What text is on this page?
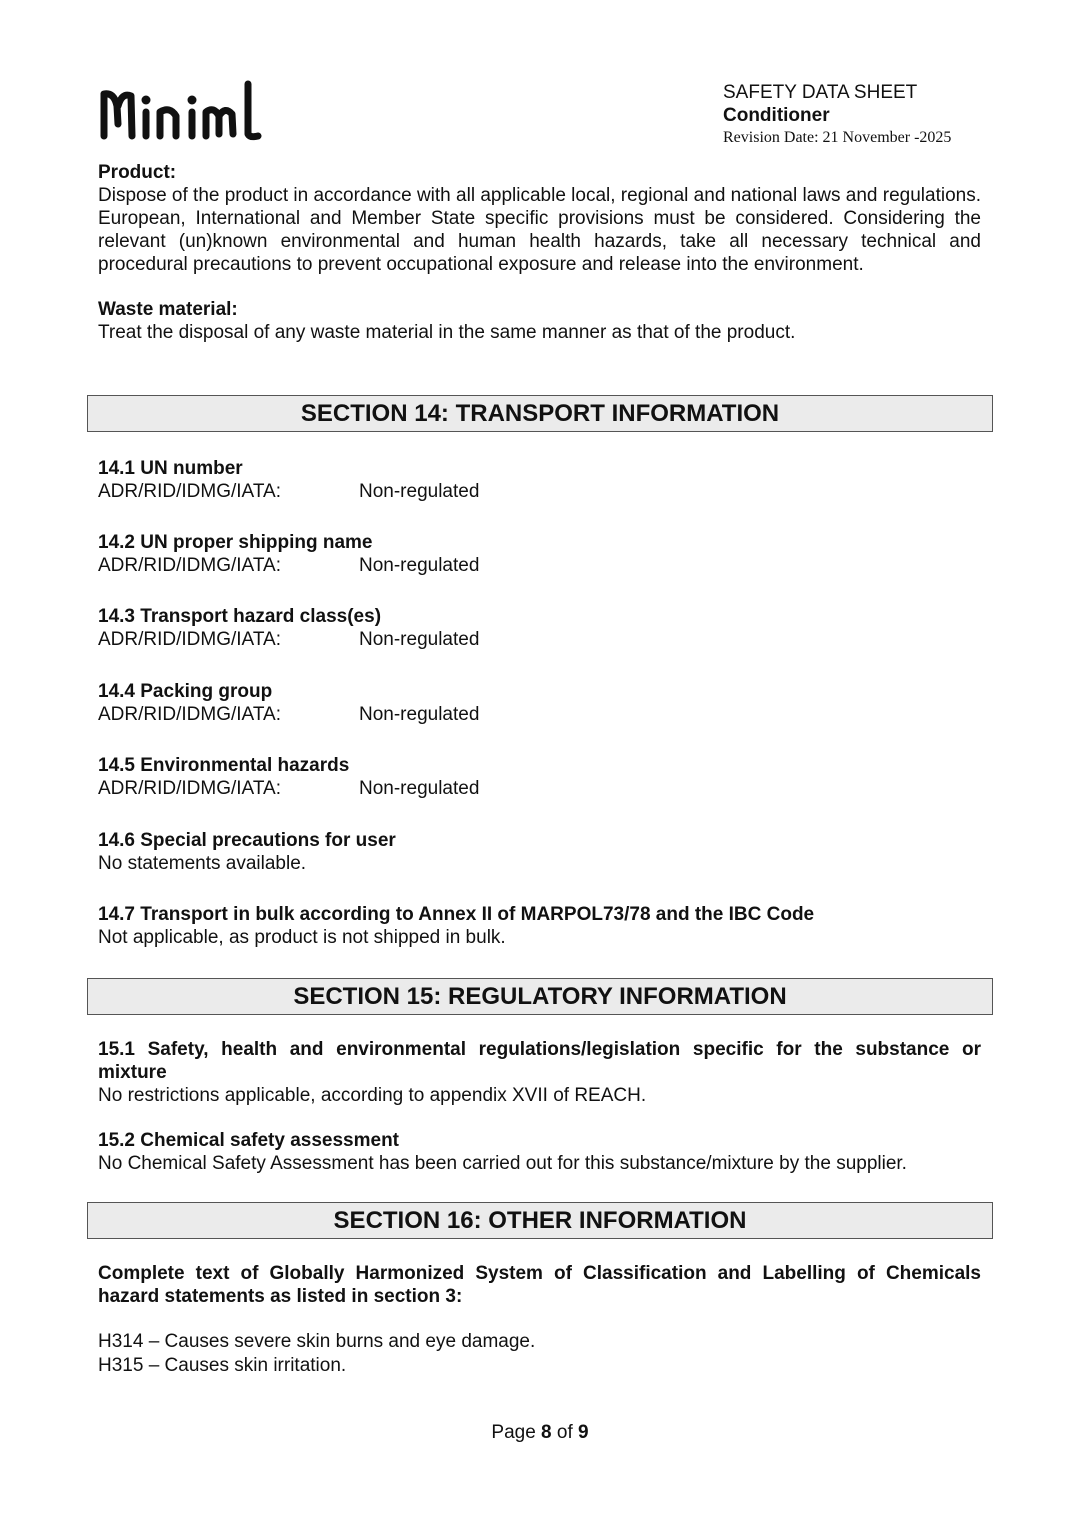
SAFETY DATA SHEET
Conditioner
Revision Date: 21 November -2025
Product:
Dispose of the product in accordance with all applicable local, regional and national laws and regulations. European, International and Member State specific provisions must be considered. Considering the relevant (un)known environmental and human health hazards, take all necessary technical and procedural precautions to prevent occupational exposure and release into the environment.
Waste material:
Treat the disposal of any waste material in the same manner as that of the product.
SECTION 14: TRANSPORT INFORMATION
14.1 UN number
ADR/RID/IDMG/IATA:	Non-regulated
14.2 UN proper shipping name
ADR/RID/IDMG/IATA:	Non-regulated
14.3 Transport hazard class(es)
ADR/RID/IDMG/IATA:	Non-regulated
14.4 Packing group
ADR/RID/IDMG/IATA:	Non-regulated
14.5 Environmental hazards
ADR/RID/IDMG/IATA:	Non-regulated
14.6 Special precautions for user
No statements available.
14.7 Transport in bulk according to Annex II of MARPOL73/78 and the IBC Code
Not applicable, as product is not shipped in bulk.
SECTION 15: REGULATORY INFORMATION
15.1 Safety, health and environmental regulations/legislation specific for the substance or mixture
No restrictions applicable, according to appendix XVII of REACH.
15.2 Chemical safety assessment
No Chemical Safety Assessment has been carried out for this substance/mixture by the supplier.
SECTION 16: OTHER INFORMATION
Complete text of Globally Harmonized System of Classification and Labelling of Chemicals hazard statements as listed in section 3:
H314 – Causes severe skin burns and eye damage.
H315 – Causes skin irritation.
Page 8 of 9
